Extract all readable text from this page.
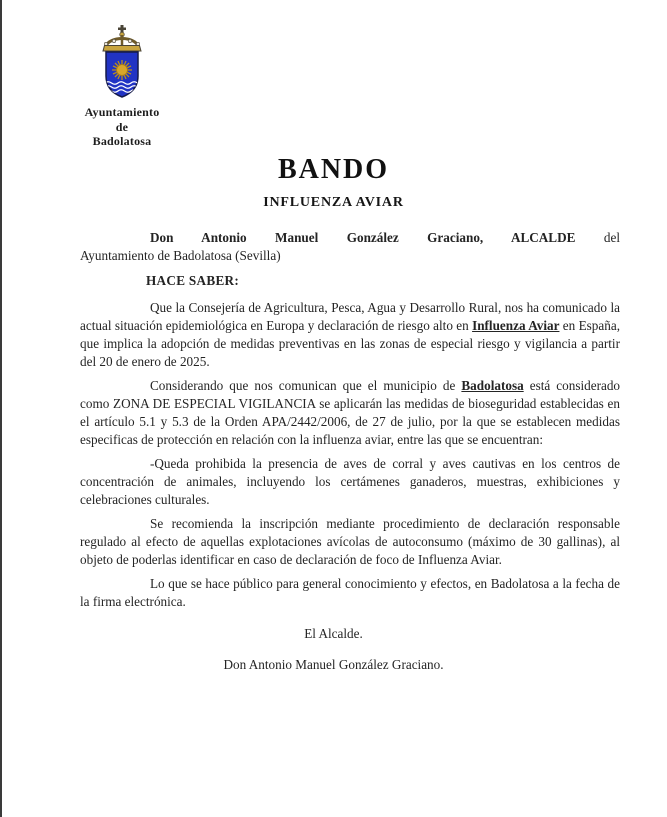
Ayuntamiento
de
Badolatosa
BANDO
INFLUENZA AVIAR

Don Antonio Manuel González Graciano, ALCALDE del

Ayuntamiento de Badolatosa (Sevilla)

HACE SABER:

Que la Consejería de Agricultura, Pesca, Agua y Desarrollo Rural, nos ha comunicado la actual situación epidemiológica en Europa y declaración de riesgo alto en Influenza Aviar en España, que implica la adopción de medidas preventivas en las zonas de especial riesgo y vigilancia a partir del 20 de enero de 2025.

Considerando que nos comunican que el municipio de Badolatosa está considerado como ZONA DE ESPECIAL VIGILANCIA se aplicarán las medidas de bioseguridad establecidas en el artículo 5.1 y 5.3 de la Orden APA/2442/2006, de 27 de julio, por la que se establecen medidas especificas de protección en relación con la influenza aviar, entre las que se encuentran:

-Queda prohibida la presencia de aves de corral y aves cautivas en los centros de concentración de animales, incluyendo los certámenes ganaderos, muestras, exhibiciones y celebraciones culturales.

Se recomienda la inscripción mediante procedimiento de declaración responsable regulado al efecto de aquellas explotaciones avícolas de autoconsumo (máximo de 30 gallinas), al objeto de poderlas identificar en caso de declaración de foco de Influenza Aviar.

Lo que se hace público para general conocimiento y efectos, en Badolatosa a la fecha de la firma electrónica.

El Alcalde.

Don Antonio Manuel González Graciano.
